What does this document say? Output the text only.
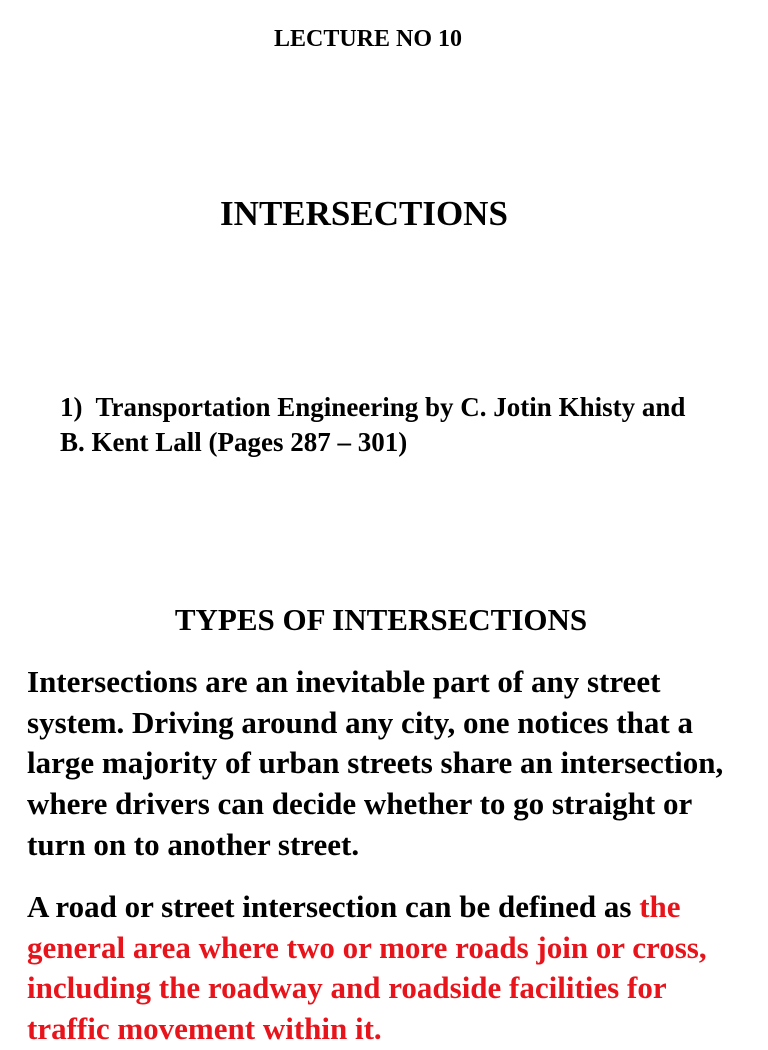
LECTURE NO 10
INTERSECTIONS

1) Transportation Engineering by C. Jotin Khisty and B. Kent Lall (Pages 287 – 301)

TYPES OF INTERSECTIONS

Intersections are an inevitable part of any street system. Driving around any city, one notices that a large majority of urban streets share an intersection, where drivers can decide whether to go straight or turn on to another street.

A road or street intersection can be defined as the general area where two or more roads join or cross, including the roadway and roadside facilities for traffic movement within it.
